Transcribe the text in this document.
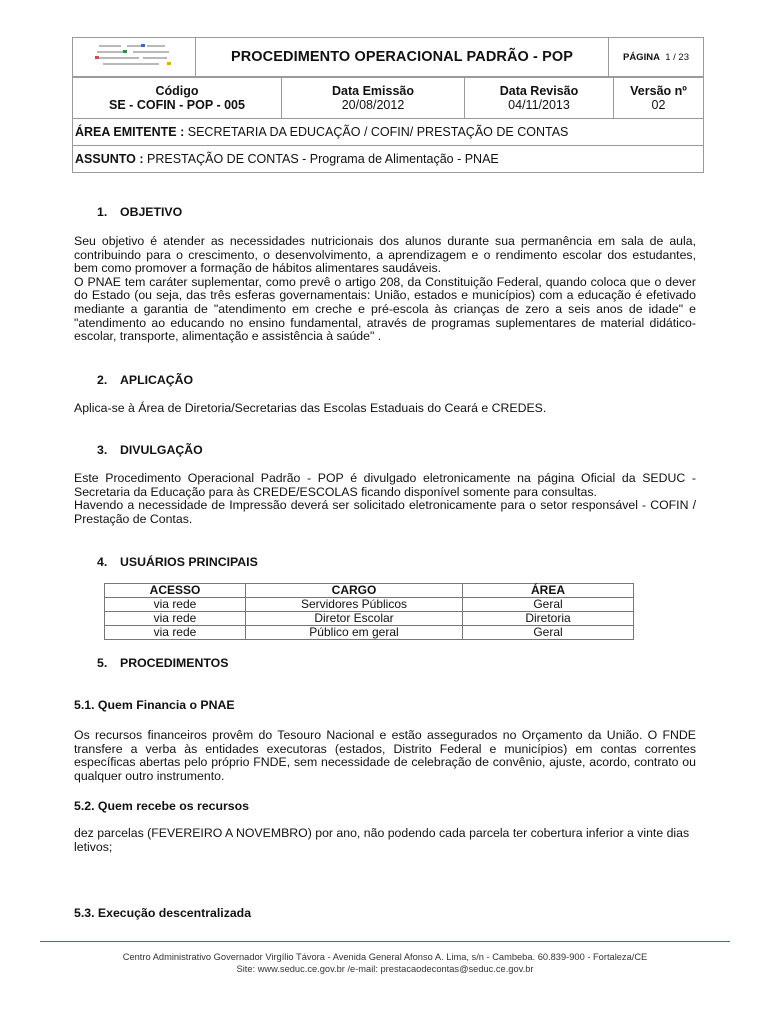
	PROCEDIMENTO OPERACIONAL PADRÃO - POP	PÁGINA 1 / 23
Código
SE - COFIN - POP - 005

Data Emissão
20/08/2012

Data Revisão
04/11/2013

Versão nº
02

ÁREA EMITENTE : SECRETARIA DA EDUCAÇÃO / COFIN/ PRESTAÇÃO DE CONTAS
ASSUNTO : PRESTAÇÃO DE CONTAS - Programa de Alimentação - PNAE
1. OBJETIVO

Seu objetivo é atender as necessidades nutricionais dos alunos durante sua permanência em sala de aula, contribuindo para o crescimento, o desenvolvimento, a aprendizagem e o rendimento escolar dos estudantes, bem como promover a formação de hábitos alimentares saudáveis.

O PNAE tem caráter suplementar, como prevê o artigo 208, da Constituição Federal, quando coloca que o dever do Estado (ou seja, das três esferas governamentais: União, estados e municípios) com a educação é efetivado mediante a garantia de "atendimento em creche e pré-escola às crianças de zero a seis anos de idade" e "atendimento ao educando no ensino fundamental, através de programas suplementares de material didático-escolar, transporte, alimentação e assistência à saúde" .

2. APLICAÇÃO
Aplica-se à Área de Diretoria/Secretarias das Escolas Estaduais do Ceará e CREDES.
3. DIVULGAÇÃO

Este Procedimento Operacional Padrão - POP é divulgado eletronicamente na página Oficial da SEDUC - Secretaria da Educação para às CREDE/ESCOLAS ficando disponível somente para consultas.

Havendo a necessidade de Impressão deverá ser solicitado eletronicamente para o setor responsável - COFIN / Prestação de Contas.

4. USUÁRIOS PRINCIPAIS
ACESSO	CARGO	ÁREA
via rede	Servidores Públicos	Geral
via rede	Diretor Escolar	Diretoria
via rede	Público em geral	Geral
5. PROCEDIMENTOS
5.1. Quem Financia o PNAE
Os recursos financeiros provêm do Tesouro Nacional e estão assegurados no Orçamento da União. O FNDE transfere a verba às entidades executoras (estados, Distrito Federal e municípios) em contas correntes específicas abertas pelo próprio FNDE, sem necessidade de celebração de convênio, ajuste, acordo, contrato ou qualquer outro instrumento.
5.2. Quem recebe os recursos
dez parcelas (FEVEREIRO A NOVEMBRO) por ano, não podendo cada parcela ter cobertura inferior a vinte dias letivos;
5.3. Execução descentralizada
Centro Administrativo Governador Virgílio Távora - Avenida General Afonso A. Lima, s/n - Cambeba. 60.839-900 - Fortaleza/CE
Site: www.seduc.ce.gov.br /e-mail: prestacaodecontas@seduc.ce.gov.br
